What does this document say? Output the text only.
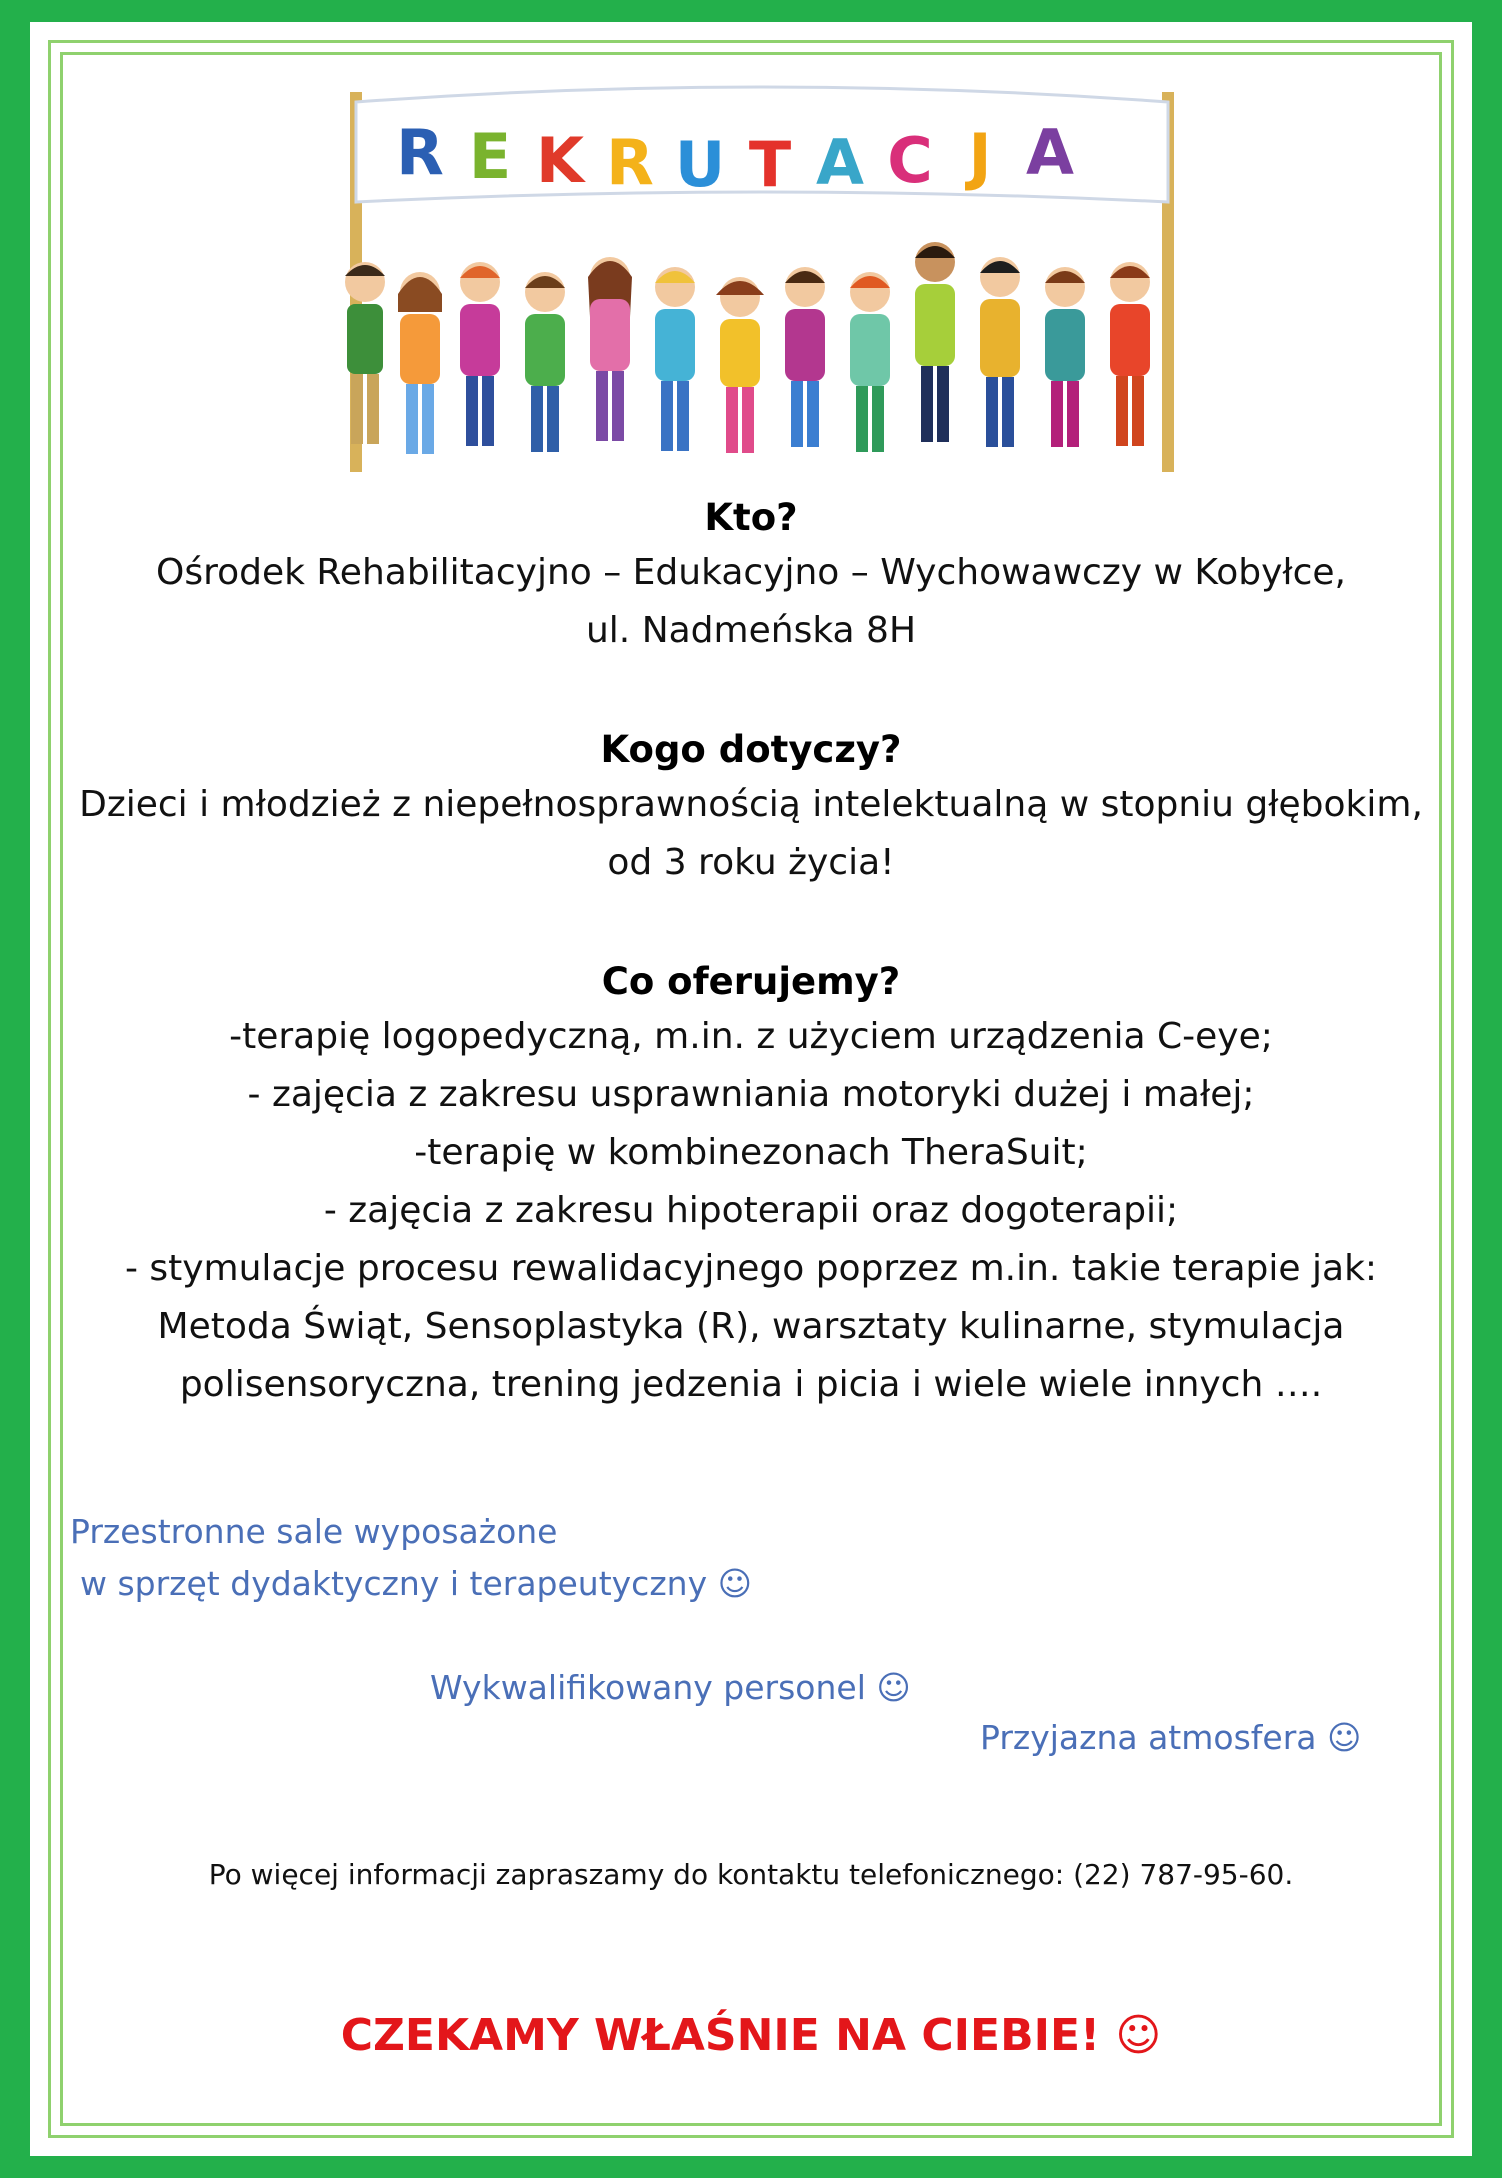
R E K R U T A C J A
Kto?
Ośrodek Rehabilitacyjno – Edukacyjno – Wychowawczy w Kobyłce,
ul. Nadmeńska 8H
Kogo dotyczy?
Dzieci i młodzież z niepełnosprawnością intelektualną w stopniu głębokim,
od 3 roku życia!
Co oferujemy?
-terapię logopedyczną, m.in. z użyciem urządzenia C-eye;
- zajęcia z zakresu usprawniania motoryki dużej i małej;
-terapię w kombinezonach TheraSuit;
- zajęcia z zakresu hipoterapii oraz dogoterapii;
- stymulacje procesu rewalidacyjnego poprzez m.in. takie terapie jak:
Metoda Świąt, Sensoplastyka (R), warsztaty kulinarne, stymulacja
polisensoryczna, trening jedzenia i picia i wiele wiele innych ….
Przestronne sale wyposażone
w sprzęt dydaktyczny i terapeutyczny ☺
Wykwalifikowany personel ☺
Przyjazna atmosfera ☺
Po więcej informacji zapraszamy do kontaktu telefonicznego: (22) 787-95-60.
CZEKAMY WŁAŚNIE NA CIEBIE! ☺
